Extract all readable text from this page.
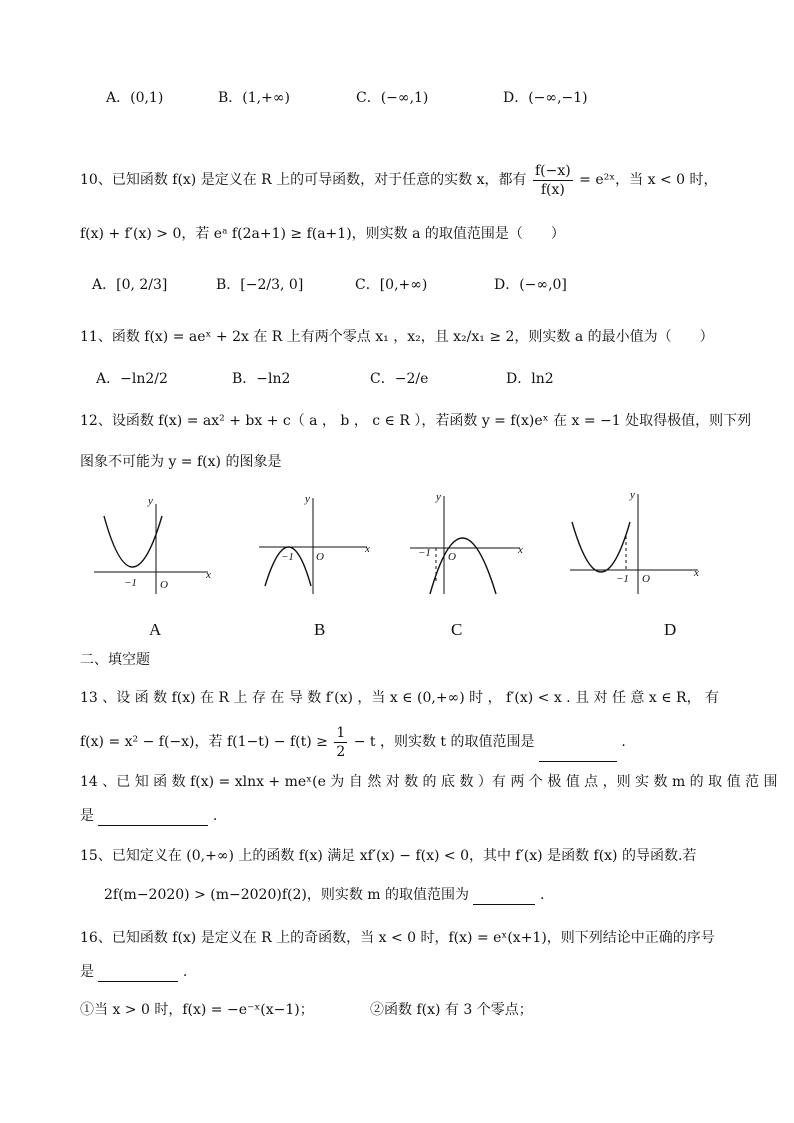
A．(0,1)	B．(1,+∞)	C．(−∞,1)	D．(−∞,−1)
10、已知函数 f(x) 是定义在 R 上的可导函数，对于任意的实数 x，都有 $\frac{f(-x)}{f(x)}$ = e²ˣ，当 x < 0 时，
f(x) + f′(x) > 0，若 eᵃ f(2a+1) ≥ f(a+1)，则实数 a 的取值范围是（　　）
A．[0, 2/3]	B．[−2/3, 0]	C．[0,+∞)	D．(−∞,0]
11、函数 f(x) = aeˣ + 2x 在 R 上有两个零点 x₁ ，x₂，且 x₂/x₁ ≥ 2，则实数 a 的最小值为（　　）
A．−ln2/2	B．−ln2	C．−2/e	D．ln2
12、设函数 f(x) = ax² + bx + c（ a ， b ， c ∈ R ），若函数 y = f(x)eˣ 在 x = −1 处取得极值，则下列
图象不可能为 y = f(x) 的图象是
y
x
O
−1
A
y
x
O
−1
B
y
x
O
−1
C
y
x
O
−1
D
二、填空题
13 、设 函 数 f(x) 在 R 上 存 在 导 数 f′(x) ，当 x ∈ (0,+∞) 时 ， f′(x) < x . 且 对 任 意 x ∈ R， 有
f(x) = x² − f(−x)，若 $f(1-t) - f(t) \ge \frac{1}{2} - t$ ，则实数 t 的取值范围是	.
14 、已 知 函 数 f(x) = xlnx + meˣ(e 为 自 然 对 数 的 底 数 ）有 两 个 极 值 点 ，则 实 数 m 的 取 值 范 围
是	.
15、已知定义在 (0,+∞) 上的函数 f(x) 满足 xf′(x) − f(x) < 0，其中 f′(x) 是函数 f(x) 的导函数.若
2f(m−2020) > (m−2020)f(2)，则实数 m 的取值范围为	.
16、已知函数 f(x) 是定义在 R 上的奇函数，当 x < 0 时，f(x) = eˣ(x+1)，则下列结论中正确的序号
是	.
①当 x > 0 时，f(x) = −e⁻ˣ(x−1)；	②函数 f(x) 有 3 个零点；
